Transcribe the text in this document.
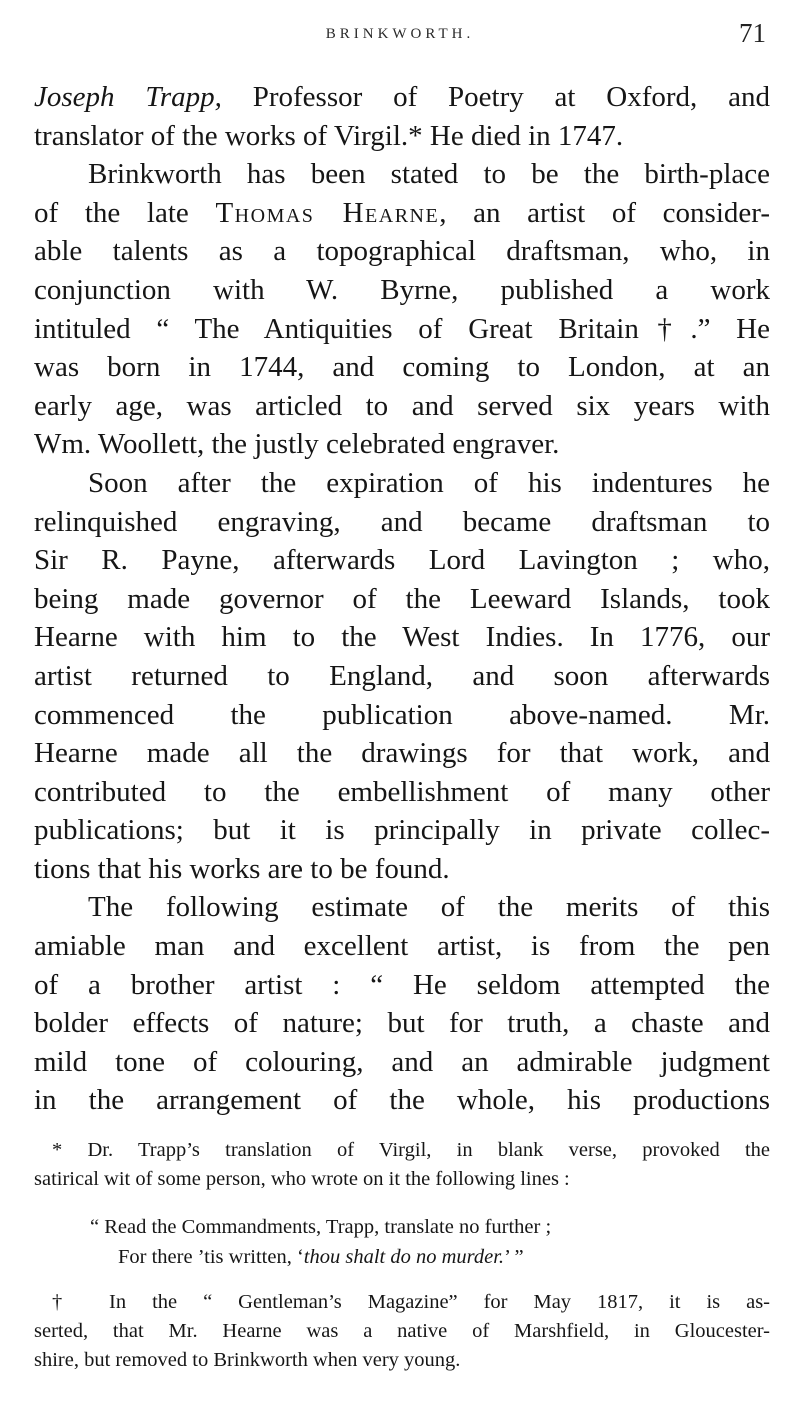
BRINKWORTH.	71
Joseph Trapp, Professor of Poetry at Oxford, and
translator of the works of Virgil.* He died in 1747.
Brinkworth has been stated to be the birth-place
of the late Thomas Hearne, an artist of consider-
able talents as a topographical draftsman, who, in
conjunction with W. Byrne, published a work
intituled “ The Antiquities of Great Britain†.” He
was born in 1744, and coming to London, at an
early age, was articled to and served six years with
Wm. Woollett, the justly celebrated engraver.
Soon after the expiration of his indentures he
relinquished engraving, and became draftsman to
Sir R. Payne, afterwards Lord Lavington ; who,
being made governor of the Leeward Islands, took
Hearne with him to the West Indies. In 1776, our
artist returned to England, and soon afterwards
commenced the publication above-named. Mr.
Hearne made all the drawings for that work, and
contributed to the embellishment of many other
publications; but it is principally in private collec-
tions that his works are to be found.
The following estimate of the merits of this
amiable man and excellent artist, is from the pen
of a brother artist : “ He seldom attempted the
bolder effects of nature; but for truth, a chaste and
mild tone of colouring, and an admirable judgment
in the arrangement of the whole, his productions
* Dr. Trapp’s translation of Virgil, in blank verse, provoked the
satirical wit of some person, who wrote on it the following lines :
“ Read the Commandments, Trapp, translate no further ;
For there ’tis written, ‘thou shalt do no murder.’ ”
† In the “ Gentleman’s Magazine” for May 1817, it is as-
serted, that Mr. Hearne was a native of Marshfield, in Gloucester-
shire, but removed to Brinkworth when very young.
